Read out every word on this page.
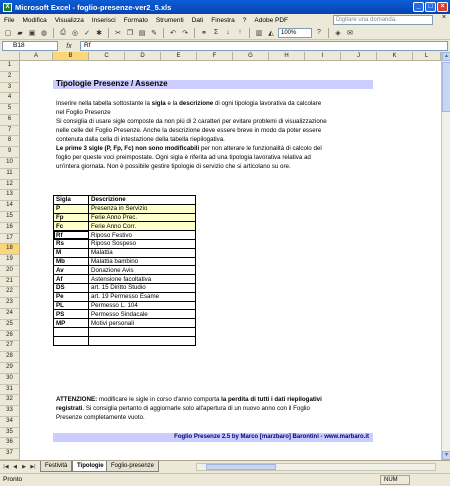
X Microsoft Excel - foglio-presenze-ver2_5.xls	_	□	×
File Modifica Visualizza Inserisci Formato Strumenti Dati Finestra ? Adobe PDF	Digitare una domanda.	×
▢ ▰ ▣ ◍	⎙ ◎ ✓ ✱ ✂ ❐ ▤ ✎ ↶ ↷ ⚭ Σ	↓	↑	▥ ◭	100%	?	◈ ✉
B18	fx	Rf
A	B	C	D	E	F	G	H	I	J	K	L
1
2
3
4
5
6
7
8
9
10
11
12
13
14
15
16
17
18
19
20
21
22
23
24
25
26
27
28
29
30
31
32
33
34
35
36
37
Tipologie Presenze / Assenze
Inserire nella tabella sottostante la sigla e la descrizione di ogni tipologia lavorativa da calcolare
nel Foglio Presenze
Si consiglia di usare sigle composte da non più di 2 caratteri per evitare problemi di visualizzazione
nelle celle del Foglio Presenze. Anche la descrizione deve essere breve in modo da poter essere
contenuta dalla cella di intestazione della tabella riepilogativa.
Le prime 3 sigle (P, Fp, Fc) non sono modificabili per non alterare le funzionalità di calcolo del
foglio per queste voci preimpostate. Ogni sigla è riferita ad una tipologia lavorativa relativa ad
un'intera giornata. Non è possibile gestire tipologie di servizio che si articolano su ore.
Sigla	Descrizione
P	Presenza in Servizio
Fp	Ferie Anno Prec.
Fc	Ferie Anno Corr.
Rf	Riposo Festivo
Rs	Riposo Sospeso
M	Malattia
Mb	Malattia bambino
Av	Donazione Avis
Af	Astensione facoltativa
DS	art. 15 Diritto Studio
Pe	art. 19 Permesso Esame
PL	Permesso L. 104
PS	Permesso Sindacale
MP	Motivi personali

ATTENZIONE: modificare le sigle in corso d'anno comporta la perdita di tutti i dati riepilogativi
registrati. Si consiglia pertanto di aggiornarle solo all'apertura di un nuovo anno con il Foglio
Presenze completamente vuoto.
Foglio Presenze 2.5 by Marco [marzbaro] Barontini - www.marbaro.it
▲
▼
|◀ ◀	▶ ▶|	Festività	Tipologie	Foglio-presenze
Pronto	NUM
